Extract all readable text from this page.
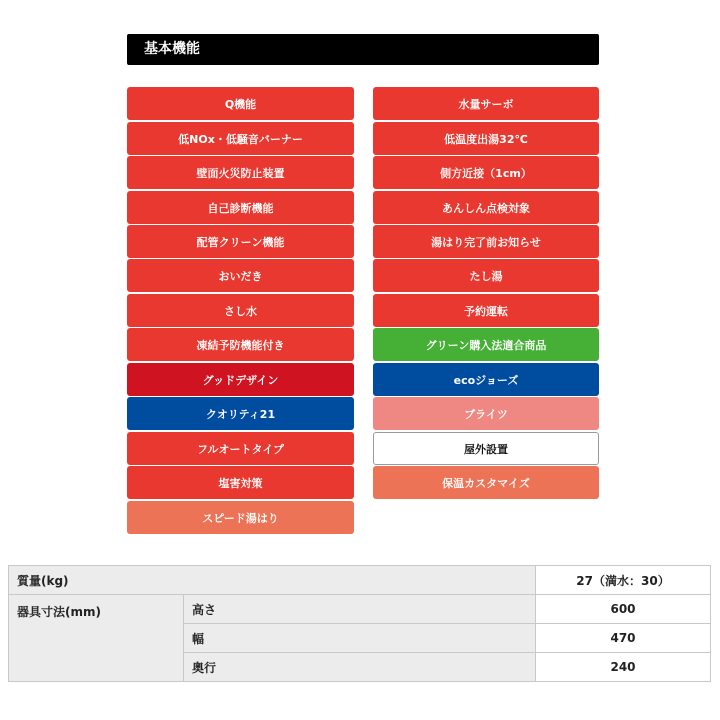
基本機能
Q機能
低NOx・低騒音バーナー
壁面火災防止装置
自己診断機能
配管クリーン機能
おいだき
さし水
凍結予防機能付き
グッドデザイン
クオリティ21
フルオートタイプ
塩害対策
スピード湯はり
水量サーボ
低温度出湯32℃
側方近接（1cm）
あんしん点検対象
湯はり完了前お知らせ
たし湯
予約運転
グリーン購入法適合商品
ecoジョーズ
ブライツ
屋外設置
保温カスタマイズ
質量(kg)		27（満水：30）
器具寸法(mm)	高さ	600
	幅	470
	奥行	240
